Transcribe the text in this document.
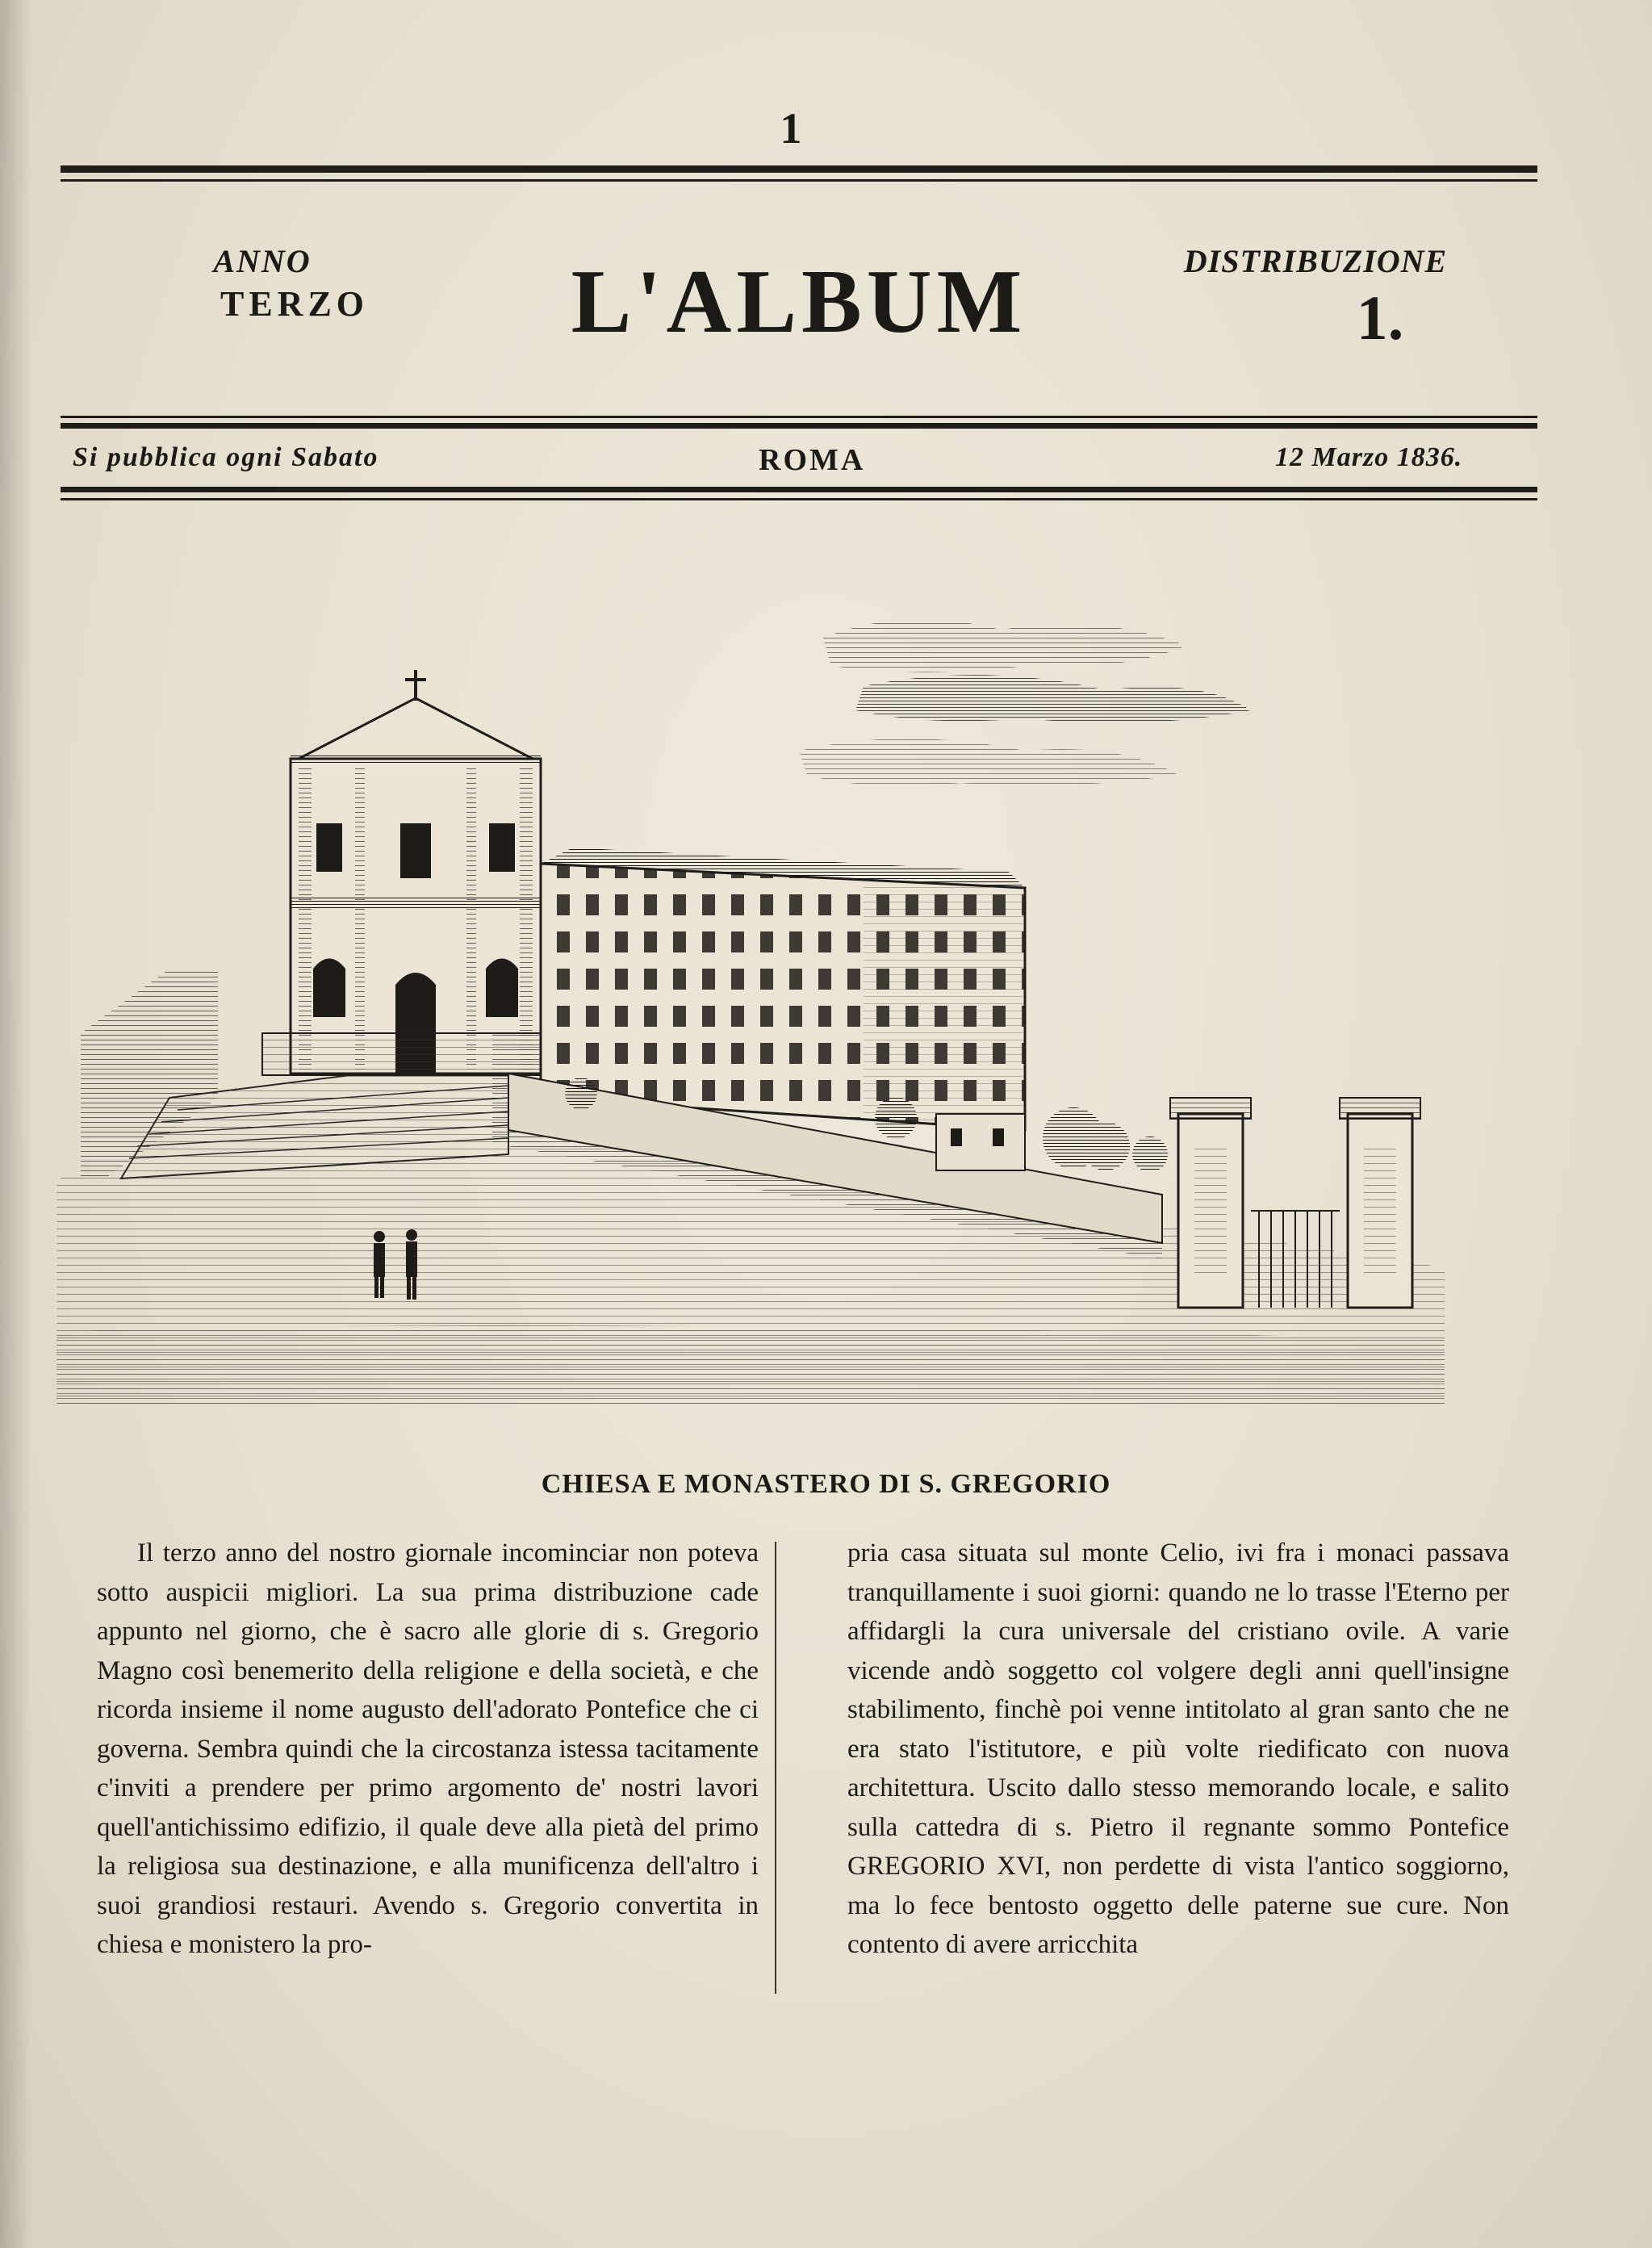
1
ANNO
TERZO	L'ALBUM	DISTRIBUZIONE
1.
Si pubblica ogni Sabato	ROMA	12 Marzo 1836.
CHIESA E MONASTERO DI S. GREGORIO
Il terzo anno del nostro giornale incominciar non poteva sotto auspicii migliori. La sua prima distribuzione cade appunto nel giorno, che è sacro alle glorie di s. Gregorio Magno così benemerito della religione e della società, e che ricorda insieme il nome augusto dell'adorato Pontefice che ci governa. Sembra quindi che la circostanza istessa tacitamente c'inviti a prendere per primo argomento de' nostri lavori quell'antichissimo edifizio, il quale deve alla pietà del primo la religiosa sua destinazione, e alla munificenza dell'altro i suoi grandiosi restauri. Avendo s. Gregorio convertita in chiesa e monistero la pro-
pria casa situata sul monte Celio, ivi fra i monaci passava tranquillamente i suoi giorni: quando ne lo trasse l'Eterno per affidargli la cura universale del cristiano ovile. A varie vicende andò soggetto col volgere degli anni quell'insigne stabilimento, finchè poi venne intitolato al gran santo che ne era stato l'istitutore, e più volte riedificato con nuova architettura. Uscito dallo stesso memorando locale, e salito sulla cattedra di s. Pietro il regnante sommo Pontefice GREGORIO XVI, non perdette di vista l'antico soggiorno, ma lo fece bentosto oggetto delle paterne sue cure. Non contento di avere arricchita
